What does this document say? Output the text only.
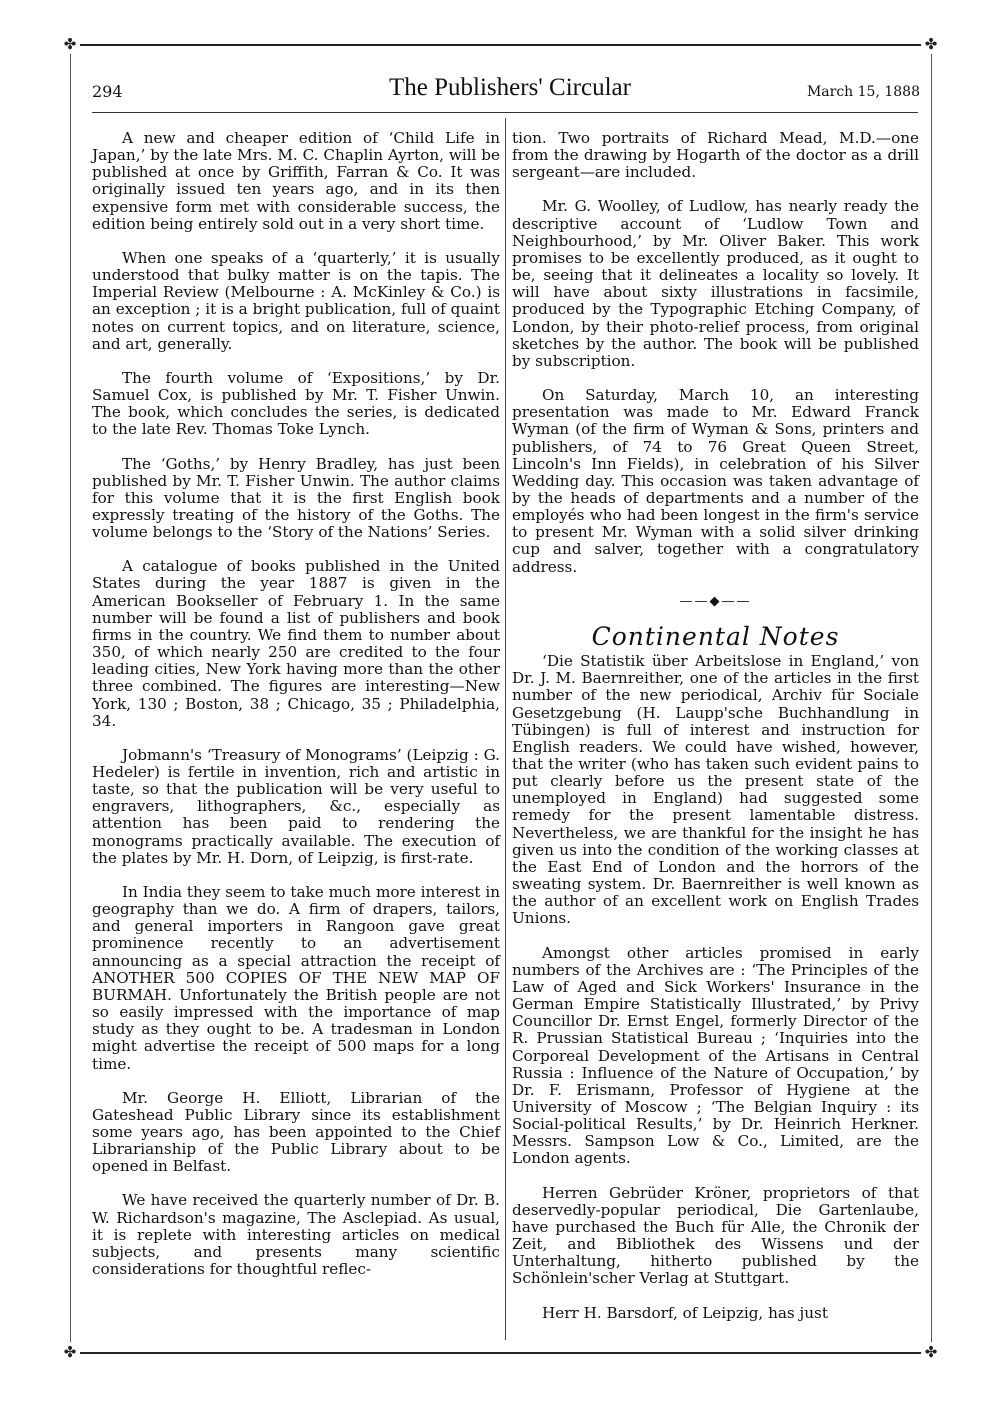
✤	✤
✤	✤
294	The Publishers' Circular	March 15, 1888

A new and cheaper edition of ‘Child Life in Japan,’ by the late Mrs. M. C. Chaplin Ayrton, will be published at once by Griffith, Farran & Co. It was originally issued ten years ago, and in its then expensive form met with considerable success, the edition being entirely sold out in a very short time.

When one speaks of a ‘quarterly,’ it is usually understood that bulky matter is on the tapis. The Imperial Review (Melbourne : A. McKinley & Co.) is an exception ; it is a bright publication, full of quaint notes on current topics, and on literature, science, and art, generally.

The fourth volume of ‘Expositions,’ by Dr. Samuel Cox, is published by Mr. T. Fisher Unwin. The book, which concludes the series, is dedicated to the late Rev. Thomas Toke Lynch.

The ‘Goths,’ by Henry Bradley, has just been published by Mr. T. Fisher Unwin. The author claims for this volume that it is the first English book expressly treating of the history of the Goths. The volume belongs to the ‘Story of the Nations’ Series.

A catalogue of books published in the United States during the year 1887 is given in the American Bookseller of February 1. In the same number will be found a list of publishers and book firms in the country. We find them to number about 350, of which nearly 250 are credited to the four leading cities, New York having more than the other three combined. The figures are interesting—New York, 130 ; Boston, 38 ; Chicago, 35 ; Philadelphia, 34.

Jobmann's ‘Treasury of Monograms’ (Leipzig : G. Hedeler) is fertile in invention, rich and artistic in taste, so that the publication will be very useful to engravers, lithographers, &c., especially as attention has been paid to rendering the monograms practically available. The execution of the plates by Mr. H. Dorn, of Leipzig, is first-rate.

In India they seem to take much more interest in geography than we do. A firm of drapers, tailors, and general importers in Rangoon gave great prominence recently to an advertisement announcing as a special attraction the receipt of ANOTHER 500 COPIES OF THE NEW MAP OF BURMAH. Unfortunately the British people are not so easily impressed with the importance of map study as they ought to be. A tradesman in London might advertise the receipt of 500 maps for a long time.

Mr. George H. Elliott, Librarian of the Gateshead Public Library since its establishment some years ago, has been appointed to the Chief Librarianship of the Public Library about to be opened in Belfast.

We have received the quarterly number of Dr. B. W. Richardson's magazine, The Asclepiad. As usual, it is replete with interesting articles on medical subjects, and presents many scientific considerations for thoughtful reflec-

tion. Two portraits of Richard Mead, M.D.—one from the drawing by Hogarth of the doctor as a drill sergeant—are included.

Mr. G. Woolley, of Ludlow, has nearly ready the descriptive account of ‘Ludlow Town and Neighbourhood,’ by Mr. Oliver Baker. This work promises to be excellently produced, as it ought to be, seeing that it delineates a locality so lovely. It will have about sixty illustrations in facsimile, produced by the Typographic Etching Company, of London, by their photo-relief process, from original sketches by the author. The book will be published by subscription.

On Saturday, March 10, an interesting presentation was made to Mr. Edward Franck Wyman (of the firm of Wyman & Sons, printers and publishers, of 74 to 76 Great Queen Street, Lincoln's Inn Fields), in celebration of his Silver Wedding day. This occasion was taken advantage of by the heads of departments and a number of the employés who had been longest in the firm's service to present Mr. Wyman with a solid silver drinking cup and salver, together with a congratulatory address.

——◆——
Continental Notes

‘Die Statistik über Arbeitslose in England,’ von Dr. J. M. Baernreither, one of the articles in the first number of the new periodical, Archiv für Sociale Gesetzgebung (H. Laupp'sche Buchhandlung in Tübingen) is full of interest and instruction for English readers. We could have wished, however, that the writer (who has taken such evident pains to put clearly before us the present state of the unemployed in England) had suggested some remedy for the present lamentable distress. Nevertheless, we are thankful for the insight he has given us into the condition of the working classes at the East End of London and the horrors of the sweating system. Dr. Baernreither is well known as the author of an excellent work on English Trades Unions.

Amongst other articles promised in early numbers of the Archives are : ‘The Principles of the Law of Aged and Sick Workers' Insurance in the German Empire Statistically Illustrated,’ by Privy Councillor Dr. Ernst Engel, formerly Director of the R. Prussian Statistical Bureau ; ‘Inquiries into the Corporeal Development of the Artisans in Central Russia : Influence of the Nature of Occupation,’ by Dr. F. Erismann, Professor of Hygiene at the University of Moscow ; ‘The Belgian Inquiry : its Social-political Results,’ by Dr. Heinrich Herkner. Messrs. Sampson Low & Co., Limited, are the London agents.

Herren Gebrüder Kröner, proprietors of that deservedly-popular periodical, Die Gartenlaube, have purchased the Buch für Alle, the Chronik der Zeit, and Bibliothek des Wissens und der Unterhaltung, hitherto published by the Schönlein'scher Verlag at Stuttgart.

Herr H. Barsdorf, of Leipzig, has just
